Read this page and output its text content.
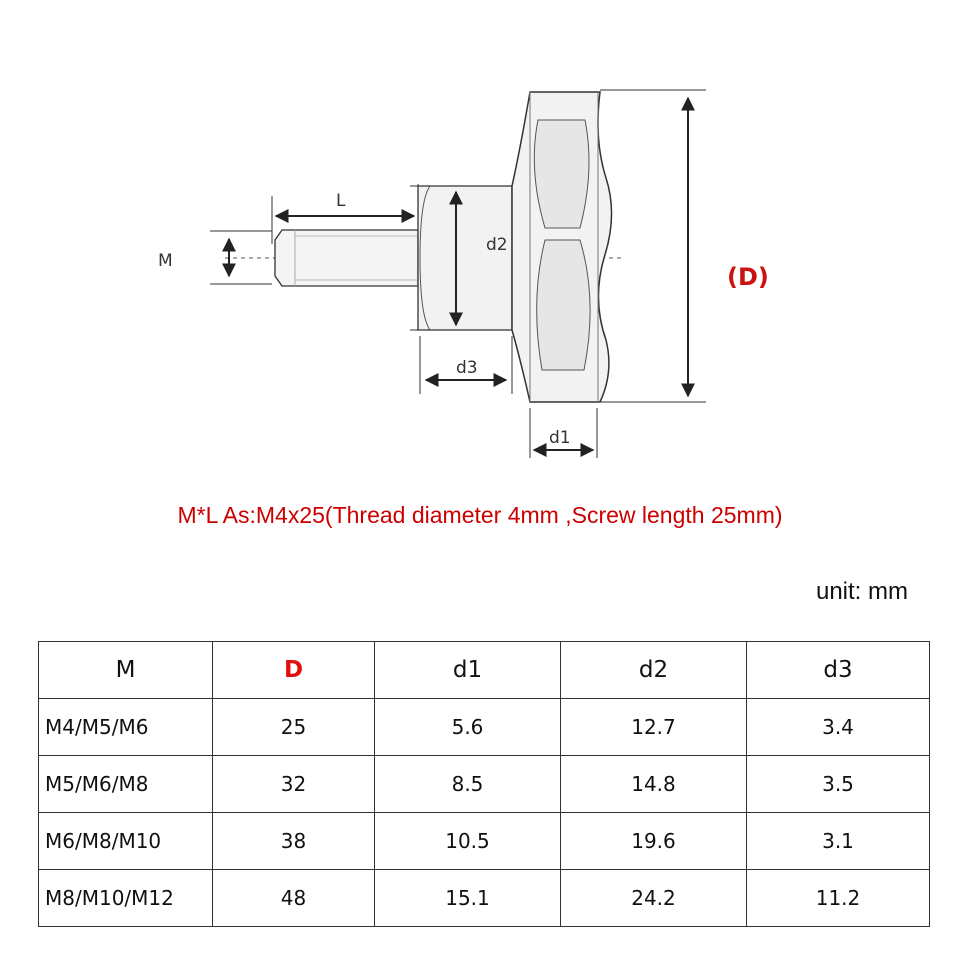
M
L
d2
d3
d1
(D)
M*L As:M4x25(Thread diameter 4mm ,Screw length 25mm)
unit: mm
M	D	d1	d2	d3
M4/M5/M6	25	5.6	12.7	3.4
M5/M6/M8	32	8.5	14.8	3.5
M6/M8/M10	38	10.5	19.6	3.1
M8/M10/M12	48	15.1	24.2	11.2
